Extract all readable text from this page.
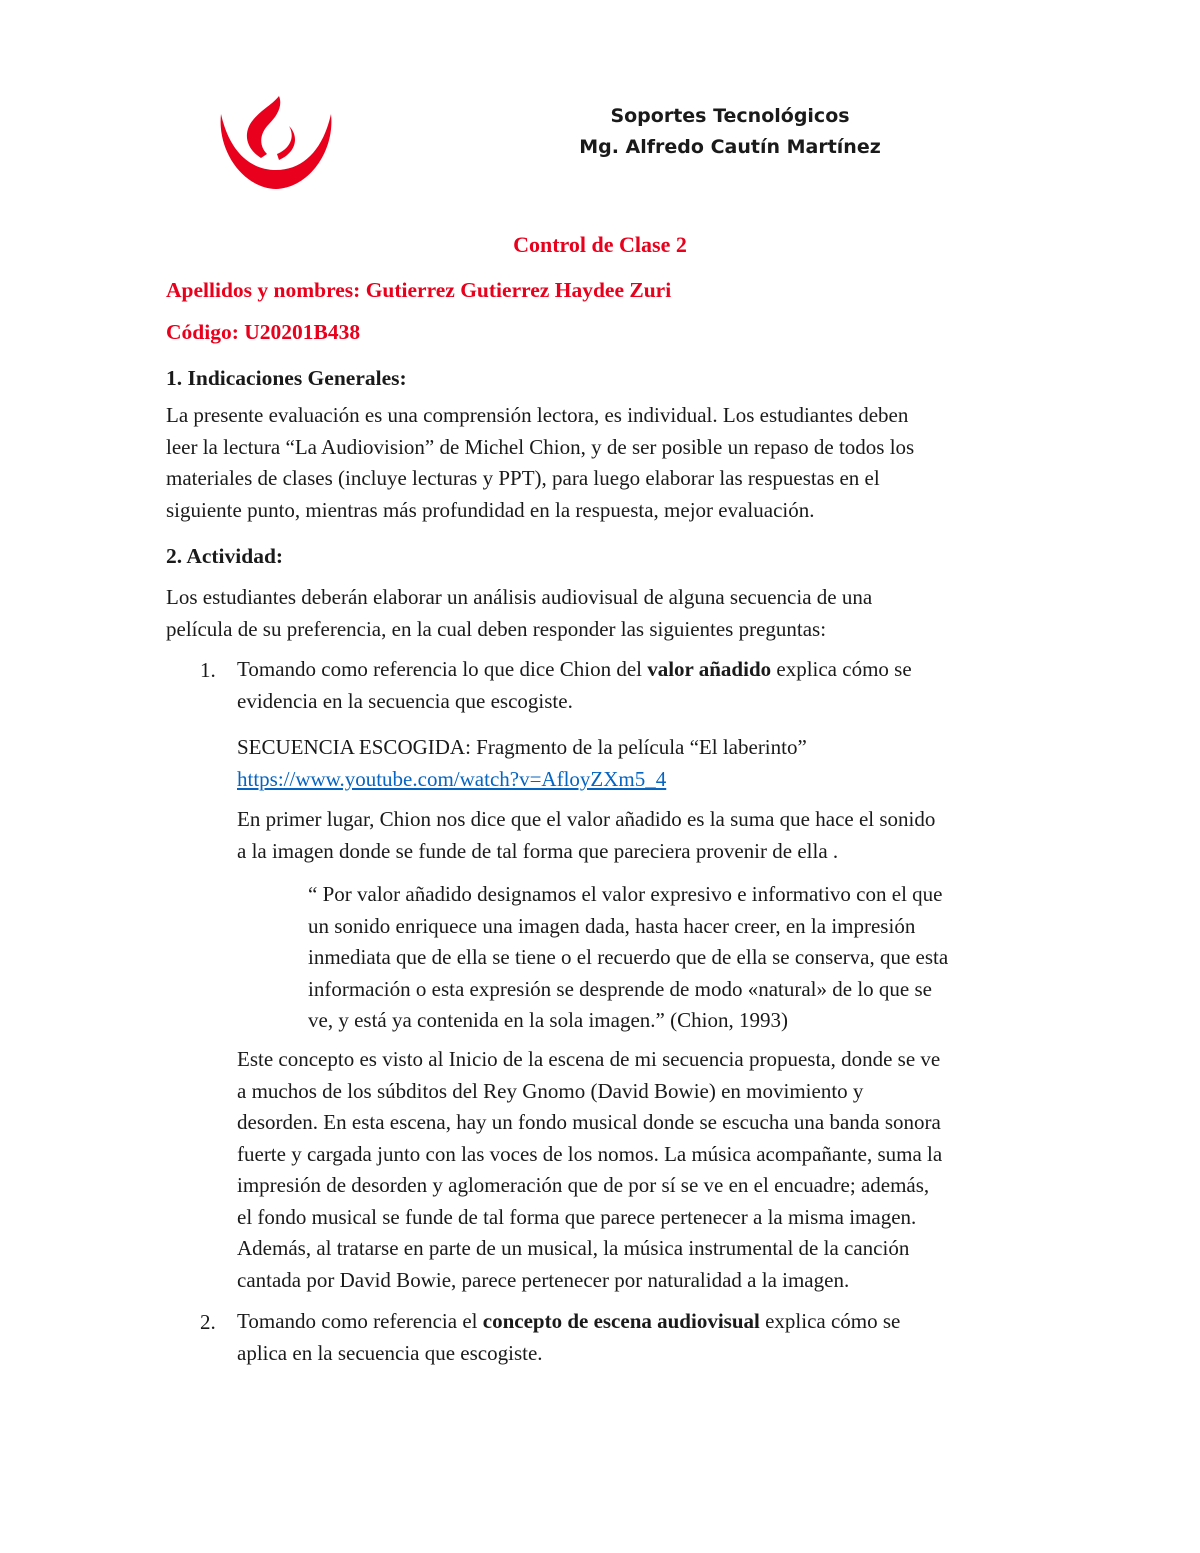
Soportes Tecnológicos
Mg. Alfredo Cautín Martínez
Control de Clase 2
Apellidos y nombres: Gutierrez Gutierrez Haydee Zuri
Código: U20201B438
1. Indicaciones Generales:
La presente evaluación es una comprensión lectora, es individual. Los estudiantes deben
leer la lectura “La Audiovision” de Michel Chion, y de ser posible un repaso de todos los
materiales de clases (incluye lecturas y PPT), para luego elaborar las respuestas en el
siguiente punto, mientras más profundidad en la respuesta, mejor evaluación.
2. Actividad:
Los estudiantes deberán elaborar un análisis audiovisual de alguna secuencia de una
película de su preferencia, en la cual deben responder las siguientes preguntas:
1. Tomando como referencia lo que dice Chion del valor añadido explica cómo se
evidencia en la secuencia que escogiste.
SECUENCIA ESCOGIDA: Fragmento de la película “El laberinto”
https://www.youtube.com/watch?v=AfloyZXm5_4
En primer lugar, Chion nos dice que el valor añadido es la suma que hace el sonido
a la imagen donde se funde de tal forma que pareciera provenir de ella .
“ Por valor añadido designamos el valor expresivo e informativo con el que
un sonido enriquece una imagen dada, hasta hacer creer, en la impresión
inmediata que de ella se tiene o el recuerdo que de ella se conserva, que esta
información o esta expresión se desprende de modo «natural» de lo que se
ve, y está ya contenida en la sola imagen.” (Chion, 1993)
Este concepto es visto al Inicio de la escena de mi secuencia propuesta, donde se ve
a muchos de los súbditos del Rey Gnomo (David Bowie) en movimiento y
desorden. En esta escena, hay un fondo musical donde se escucha una banda sonora
fuerte y cargada junto con las voces de los nomos. La música acompañante, suma la
impresión de desorden y aglomeración que de por sí se ve en el encuadre; además,
el fondo musical se funde de tal forma que parece pertenecer a la misma imagen.
Además, al tratarse en parte de un musical, la música instrumental de la canción
cantada por David Bowie, parece pertenecer por naturalidad a la imagen.
2. Tomando como referencia el concepto de escena audiovisual explica cómo se
aplica en la secuencia que escogiste.
